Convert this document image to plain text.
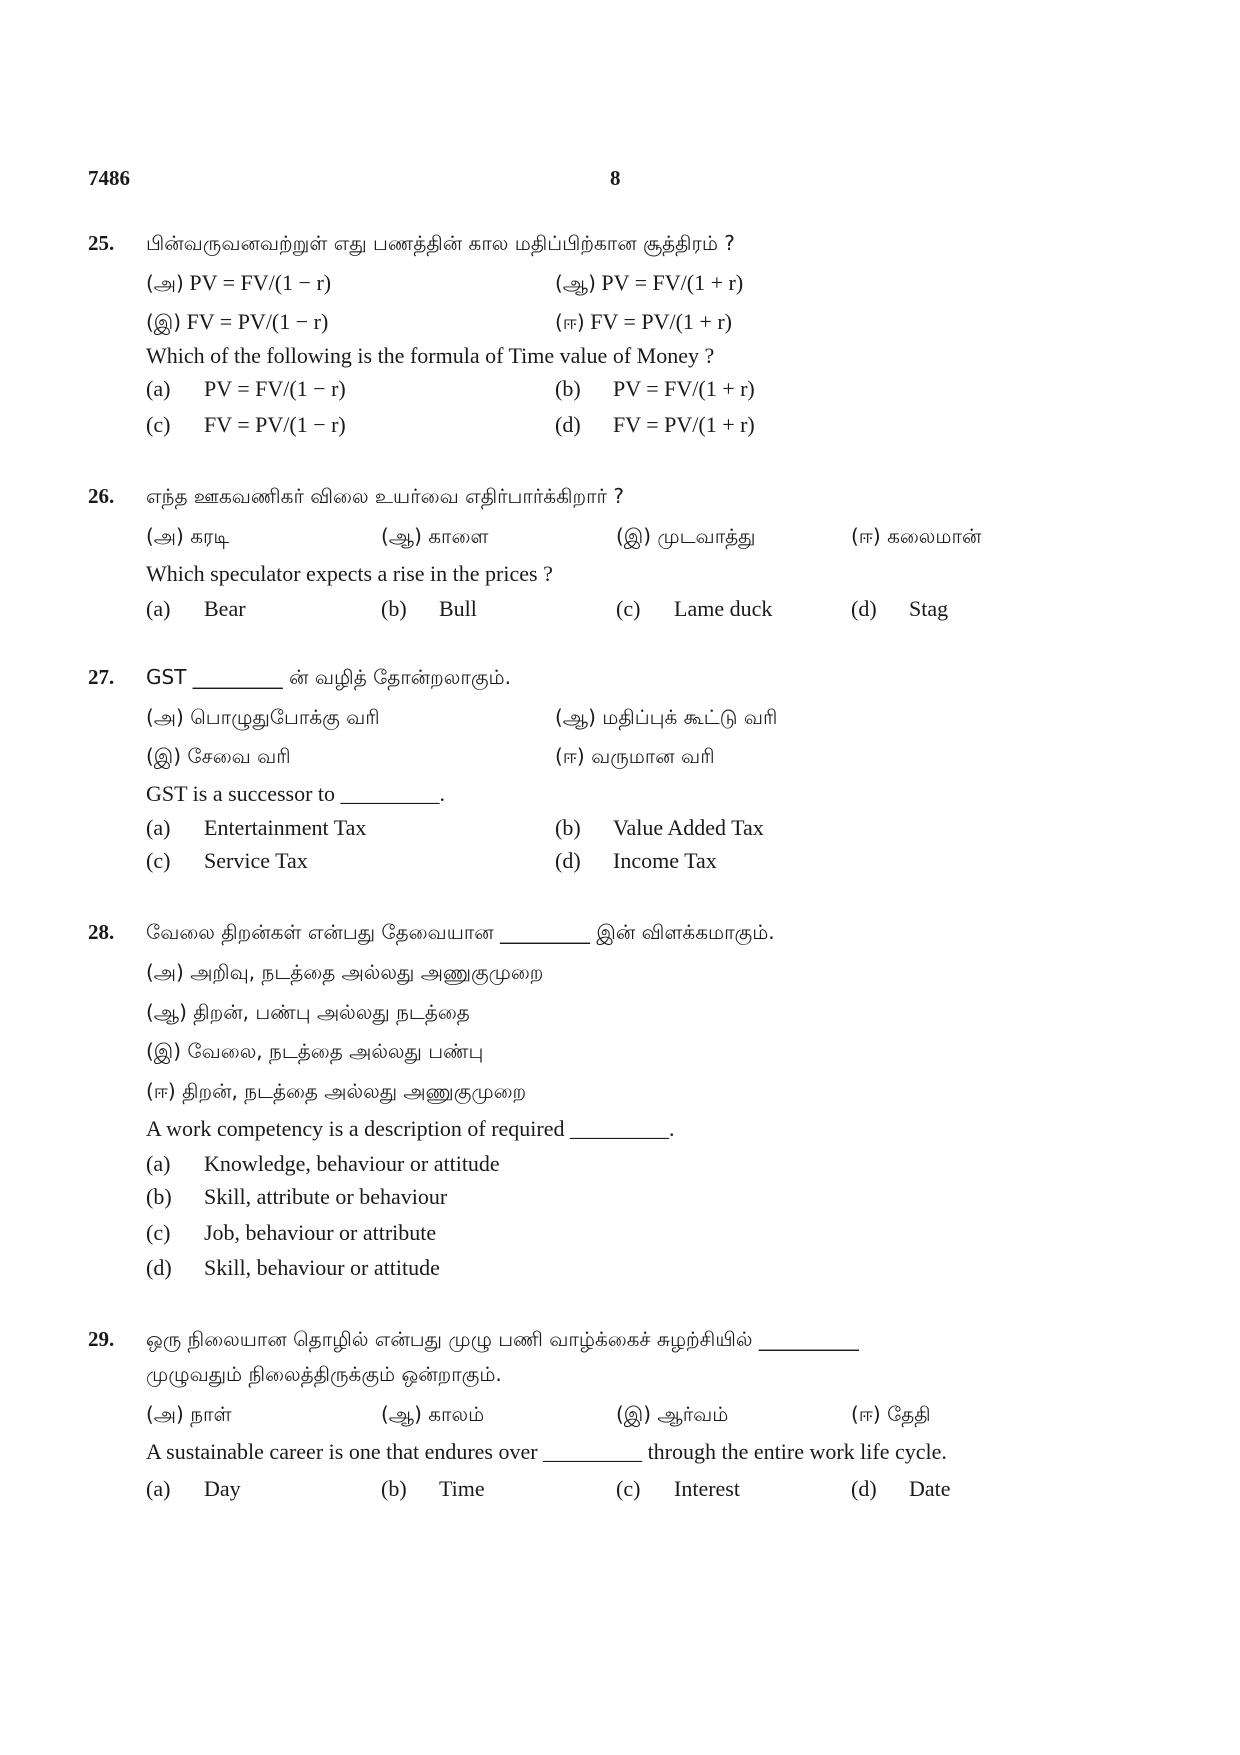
7486	8
25. பின்வருவனவற்றுள் எது பணத்தின் கால மதிப்பிற்கான சூத்திரம் ?
(அ) PV = FV/(1 − r)	(ஆ) PV = FV/(1 + r)
(இ) FV = PV/(1 − r)	(ஈ) FV = PV/(1 + r)
Which of the following is the formula of Time value of Money ?
(a) PV = FV/(1 − r)	(b) PV = FV/(1 + r)
(c) FV = PV/(1 − r)	(d) FV = PV/(1 + r)
26. எந்த ஊகவணிகர் விலை உயர்வை எதிர்பார்க்கிறார் ?
(அ) கரடி	(ஆ) காளை	(இ) முடவாத்து	(ஈ) கலைமான்
Which speculator expects a rise in the prices ?
(a) Bear	(b) Bull	(c) Lame duck	(d) Stag
27. GST _________ ன் வழித் தோன்றலாகும்.
(அ) பொழுதுபோக்கு வரி	(ஆ) மதிப்புக் கூட்டு வரி
(இ) சேவை வரி	(ஈ) வருமான வரி
GST is a successor to _________.
(a) Entertainment Tax	(b) Value Added Tax
(c) Service Tax	(d) Income Tax
28. வேலை திறன்கள் என்பது தேவையான _________ இன் விளக்கமாகும்.
(அ) அறிவு, நடத்தை அல்லது அணுகுமுறை
(ஆ) திறன், பண்பு அல்லது நடத்தை
(இ) வேலை, நடத்தை அல்லது பண்பு
(ஈ) திறன், நடத்தை அல்லது அணுகுமுறை
A work competency is a description of required _________.
(a) Knowledge, behaviour or attitude
(b) Skill, attribute or behaviour
(c) Job, behaviour or attribute
(d) Skill, behaviour or attitude
29. ஒரு நிலையான தொழில் என்பது முழு பணி வாழ்க்கைச் சுழற்சியில் __________
முழுவதும் நிலைத்திருக்கும் ஒன்றாகும்.
(அ) நாள்	(ஆ) காலம்	(இ) ஆர்வம்	(ஈ) தேதி
A sustainable career is one that endures over _________ through the entire work life cycle.
(a) Day	(b) Time	(c) Interest	(d) Date
